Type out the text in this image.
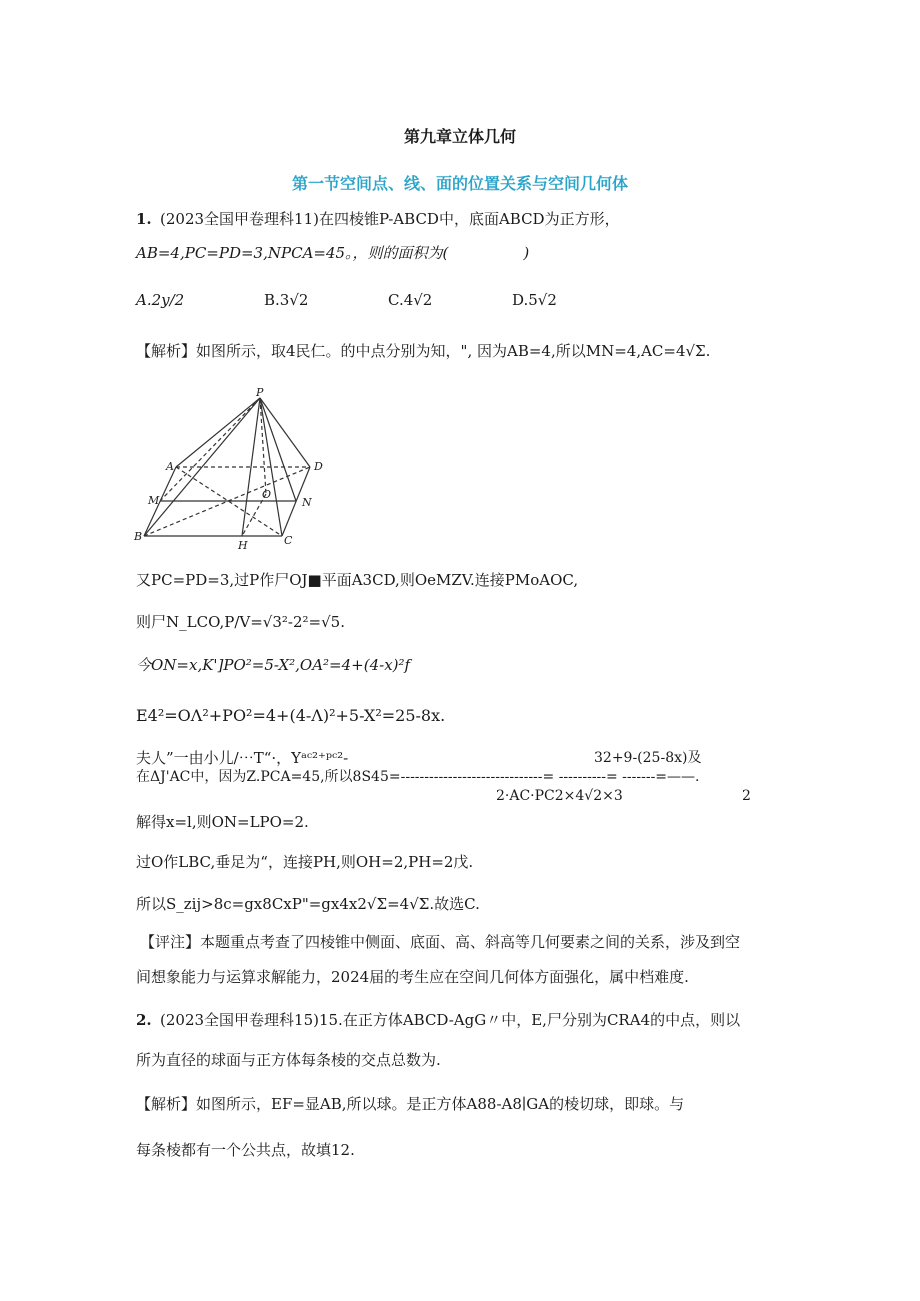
第九章立体几何
第一节空间点、线、面的位置关系与空间几何体
1. (2023全国甲卷理科11)在四棱锥P-ABCD中，底面ABCD为正方形，
AB=4,PC=PD=3,NPCA=45。，则的面积为(　　　　　)
A.2y/2	B.3√2	C.4√2	D.5√2
【解析】如图所示，取4民仁。的中点分别为知，", 因为AB=4,所以MN=4,AC=4√Σ.
P
A	D
M	O
N
B
H	C
又PC=PD=3,过P作尸OJ■平面A3CD,则OeMZV.连接PMoAOC,
则尸N_LCO,P/V=√3²-2²=√5.
今ON=x,K']PO²=5-X²,OA²=4+(4-x)²f
E4²=OΛ²+PO²=4+(4-Λ)²+5-X²=25-8x.
夫人”一由小儿/⋯T“·，Yᵃᶜ²⁺ᵖᶜ²-	32+9-(25-8x)及
在ΔJ'AC中，因为Z.PCA=45,所以8S45=------------------------------= ----------= -------=——.
2·AC·PC2×4√2×3	2
解得x=l,则ON=LPO=2.
过O作LBC,垂足为“，连接PH,则OH=2,PH=2戊.
所以S_zij>8c=gx8CxP"=gx4x2√Σ=4√Σ.故选C.
【评注】本题重点考查了四棱锥中侧面、底面、高、斜高等几何要素之间的关系，涉及到空
间想象能力与运算求解能力，2024届的考生应在空间几何体方面强化，属中档难度.
2. (2023全国甲卷理科15)15.在正方体ABCD-AgG〃中，E,尸分别为CRA4的中点，则以
所为直径的球面与正方体每条棱的交点总数为.
【解析】如图所示，EF=显AB,所以球。是正方体A88-A8∣GA的棱切球，即球。与
每条棱都有一个公共点，故填12.
